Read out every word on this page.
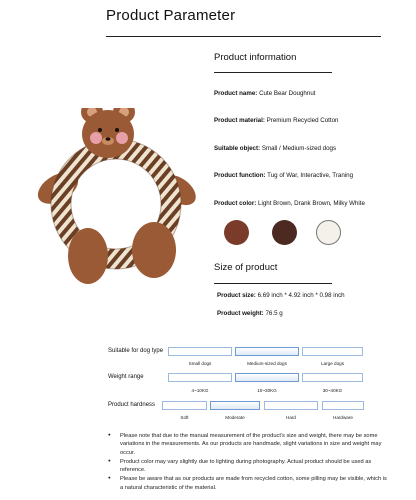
Product Parameter
Product information
Product name: Cute Bear Doughnut
Product material: Premium Recycled Cotton
Suitable object: Small / Medium-sized dogs
Product function: Tug of War, Interactive, Traning
Product color: Light Brown, Drank Brown, Milky White
Size of product
Product size: 6.69 inch * 4.92 inch * 0.98 inch
Product weight: 76.5 g
Suitable for dog type
Small dogs	Medium-sized dogs	Large dogs
Weight range
4~10KG	10~30KG	30~40KG
Product hardness
Soft	Moderate	Hard	Hardware
● Please note that due to the manual measurement of the product's size and weight, there may be some variations in the measurements. As our products are handmade, slight variations in size and weight may occur.
● Product color may vary slightly due to lighting during photography. Actual product should be used as reference.
● Please be aware that as our products are made from recycled cotton, some pilling may be visible, which is a natural characteristic of the material.
